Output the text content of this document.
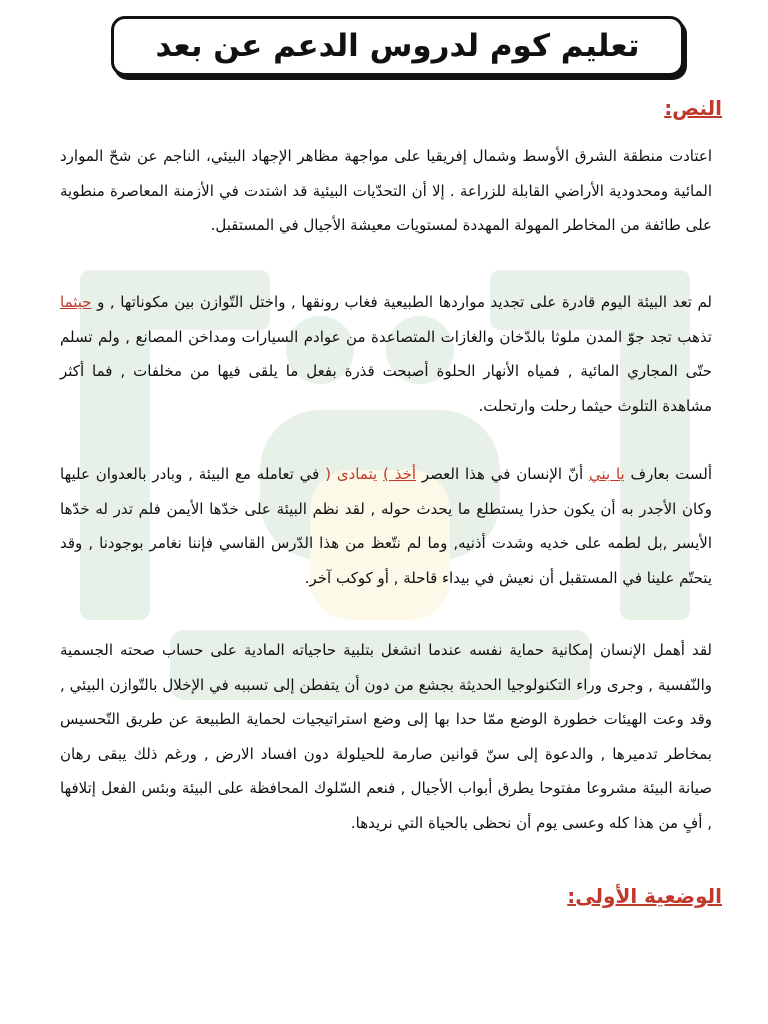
تعليم كوم لدروس الدعم عن بعد
النص:
اعتادت منطقة الشرق الأوسط وشمال إفريقيا على مواجهة مظاهر الإجهاد البيئي، الناجم عن شحّ الموارد المائية ومحدودية الأراضي القابلة للزراعة . إلا أن التحدّيات البيئية قد اشتدت في الأزمنة المعاصرة منطوية على طائفة من المخاطر المهولة المهددة لمستويات معيشة الأجيال في المستقبل.
لم تعد البيئة اليوم قادرة على تجديد مواردها الطبيعية فغاب رونقها , واختل التّوازن بين مكوناتها , و حيثما تذهب تجد جوّ المدن ملوثا بالدّخان والغازات المتصاعدة من عوادم السيارات ومداخن المصانع , ولم تسلم حتّى المجاري المائية , فمياه الأنهار الحلوة أصبحت قذرة بفعل ما يلقى فيها من مخلفات , فما أكثر مشاهدة التلوث حيثما رحلت وارتحلت.
ألست بعارف يا بني أنّ الإنسان في هذا العصر أخذ ) يتمادى ( في تعامله مع البيئة , وبادر بالعدوان عليها وكان الأجدر به أن يكون حذرا يستطلع ما يحدث حوله , لقد نظم البيئة على خدّها الأيمن فلم تدر له خدّها الأيسر ,بل لطمه على خديه وشدت أذنيه, وما لم نتّعظ من هذا الدّرس القاسي فإننا نغامر بوجودنا , وقد يتحتّم علينا في المستقبل أن نعيش في بيداء قاحلة , أو كوكب آخر.
لقد أهمل الإنسان إمكانية حماية نفسه عندما انشغل بتلبية حاجياته المادية على حساب صحته الجسمية والنّفسية , وجرى وراء التكنولوجيا الحديثة بجشع من دون أن يتفطن إلى تسببه في الإخلال بالتّوازن البيئي , وقد وعت الهيئات خطورة الوضع ممّا حدا بها إلى وضع استراتيجيات لحماية الطبيعة عن طريق التّحسيس بمخاطر تدميرها , والدعوة إلى سنّ قوانين صارمة للحيلولة دون افساد الارض , ورغم ذلك يبقى رهان صيانة البيئة مشروعا مفتوحا يطرق أبواب الأجيال , فنعم السّلوك المحافظة على البيئة وبئس الفعل إتلافها , أفٍ من هذا كله وعسى يوم أن نحظى بالحياة التي نريدها.
الوضعية الأولى:
